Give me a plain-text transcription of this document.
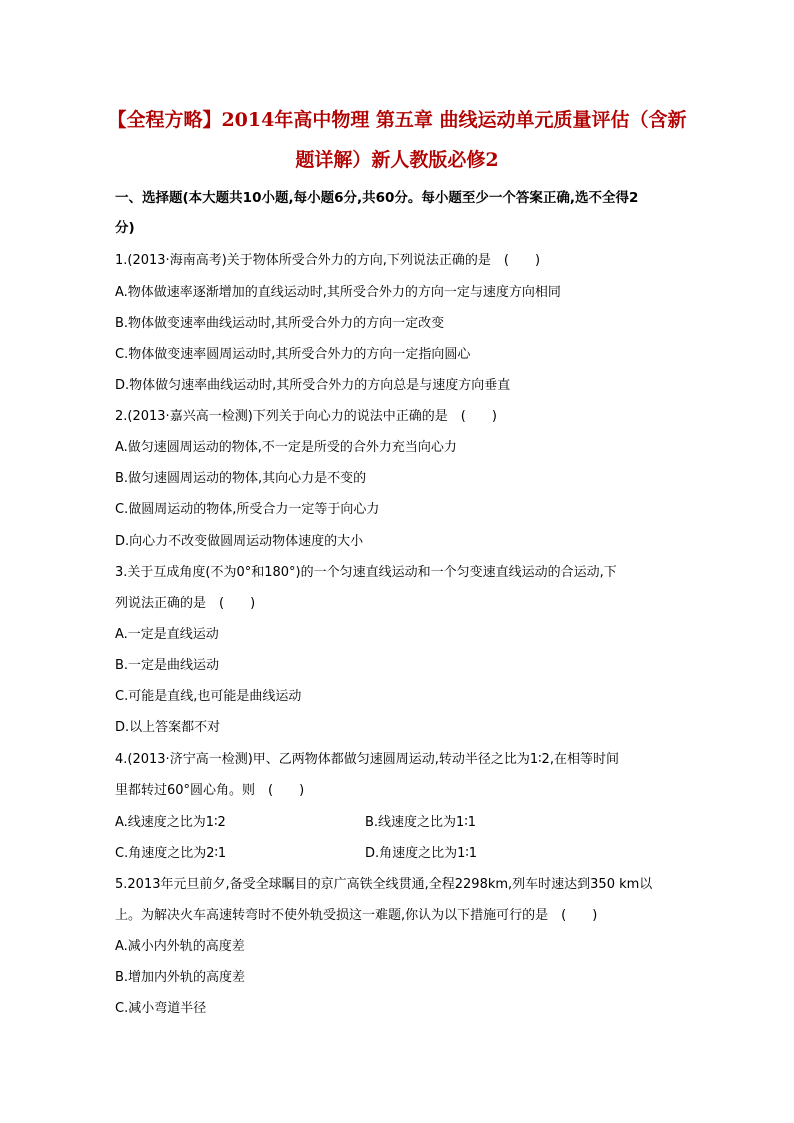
【全程方略】2014年高中物理 第五章 曲线运动单元质量评估（含新
题详解）新人教版必修2
一、选择题(本大题共10小题,每小题6分,共60分。每小题至少一个答案正确,选不全得2
分)
1.(2013·海南高考)关于物体所受合外力的方向,下列说法正确的是　(　　)
A.物体做速率逐渐增加的直线运动时,其所受合外力的方向一定与速度方向相同
B.物体做变速率曲线运动时,其所受合外力的方向一定改变
C.物体做变速率圆周运动时,其所受合外力的方向一定指向圆心
D.物体做匀速率曲线运动时,其所受合外力的方向总是与速度方向垂直
2.(2013·嘉兴高一检测)下列关于向心力的说法中正确的是　(　　)
A.做匀速圆周运动的物体,不一定是所受的合外力充当向心力
B.做匀速圆周运动的物体,其向心力是不变的
C.做圆周运动的物体,所受合力一定等于向心力
D.向心力不改变做圆周运动物体速度的大小
3.关于互成角度(不为0°和180°)的一个匀速直线运动和一个匀变速直线运动的合运动,下
列说法正确的是　(　　)
A.一定是直线运动
B.一定是曲线运动
C.可能是直线,也可能是曲线运动
D.以上答案都不对
4.(2013·济宁高一检测)甲、乙两物体都做匀速圆周运动,转动半径之比为1∶2,在相等时间
里都转过60°圆心角。则　(　　)
A.线速度之比为1∶2	B.线速度之比为1∶1
C.角速度之比为2∶1	D.角速度之比为1∶1
5.2013年元旦前夕,备受全球瞩目的京广高铁全线贯通,全程2298km,列车时速达到350 km以
上。为解决火车高速转弯时不使外轨受损这一难题,你认为以下措施可行的是　(　　)
A.减小内外轨的高度差
B.增加内外轨的高度差
C.减小弯道半径
